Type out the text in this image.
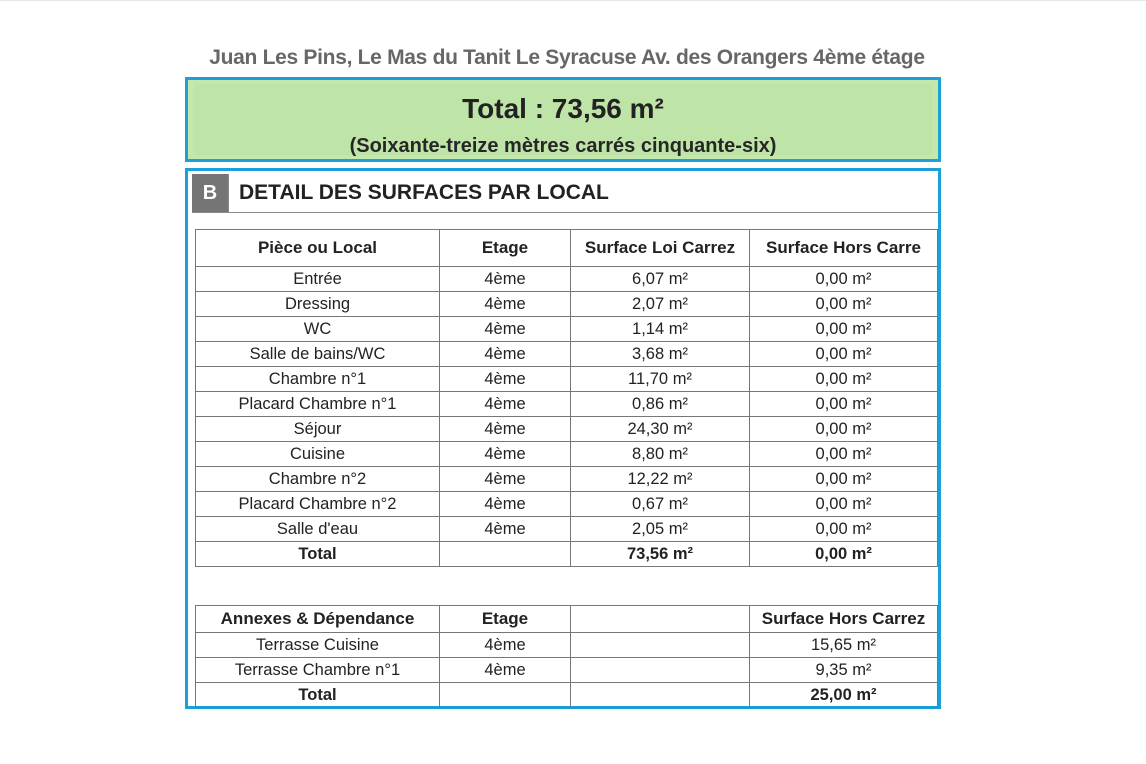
Juan Les Pins, Le Mas du Tanit Le Syracuse Av. des Orangers 4ème étage
Total : 73,56 m²
(Soixante-treize mètres carrés cinquante-six)
B	DETAIL DES SURFACES PAR LOCAL
Pièce ou Local	Etage	Surface Loi Carrez	Surface Hors Carre
Entrée	4ème	6,07 m²	0,00 m²
Dressing	4ème	2,07 m²	0,00 m²
WC	4ème	1,14 m²	0,00 m²
Salle de bains/WC	4ème	3,68 m²	0,00 m²
Chambre n°1	4ème	11,70 m²	0,00 m²
Placard Chambre n°1	4ème	0,86 m²	0,00 m²
Séjour	4ème	24,30 m²	0,00 m²
Cuisine	4ème	8,80 m²	0,00 m²
Chambre n°2	4ème	12,22 m²	0,00 m²
Placard Chambre n°2	4ème	0,67 m²	0,00 m²
Salle d'eau	4ème	2,05 m²	0,00 m²
Total		73,56 m²	0,00 m²
Annexes & Dépendance	Etage		Surface Hors Carrez
Terrasse Cuisine	4ème		15,65 m²
Terrasse Chambre n°1	4ème		9,35 m²
Total			25,00 m²
